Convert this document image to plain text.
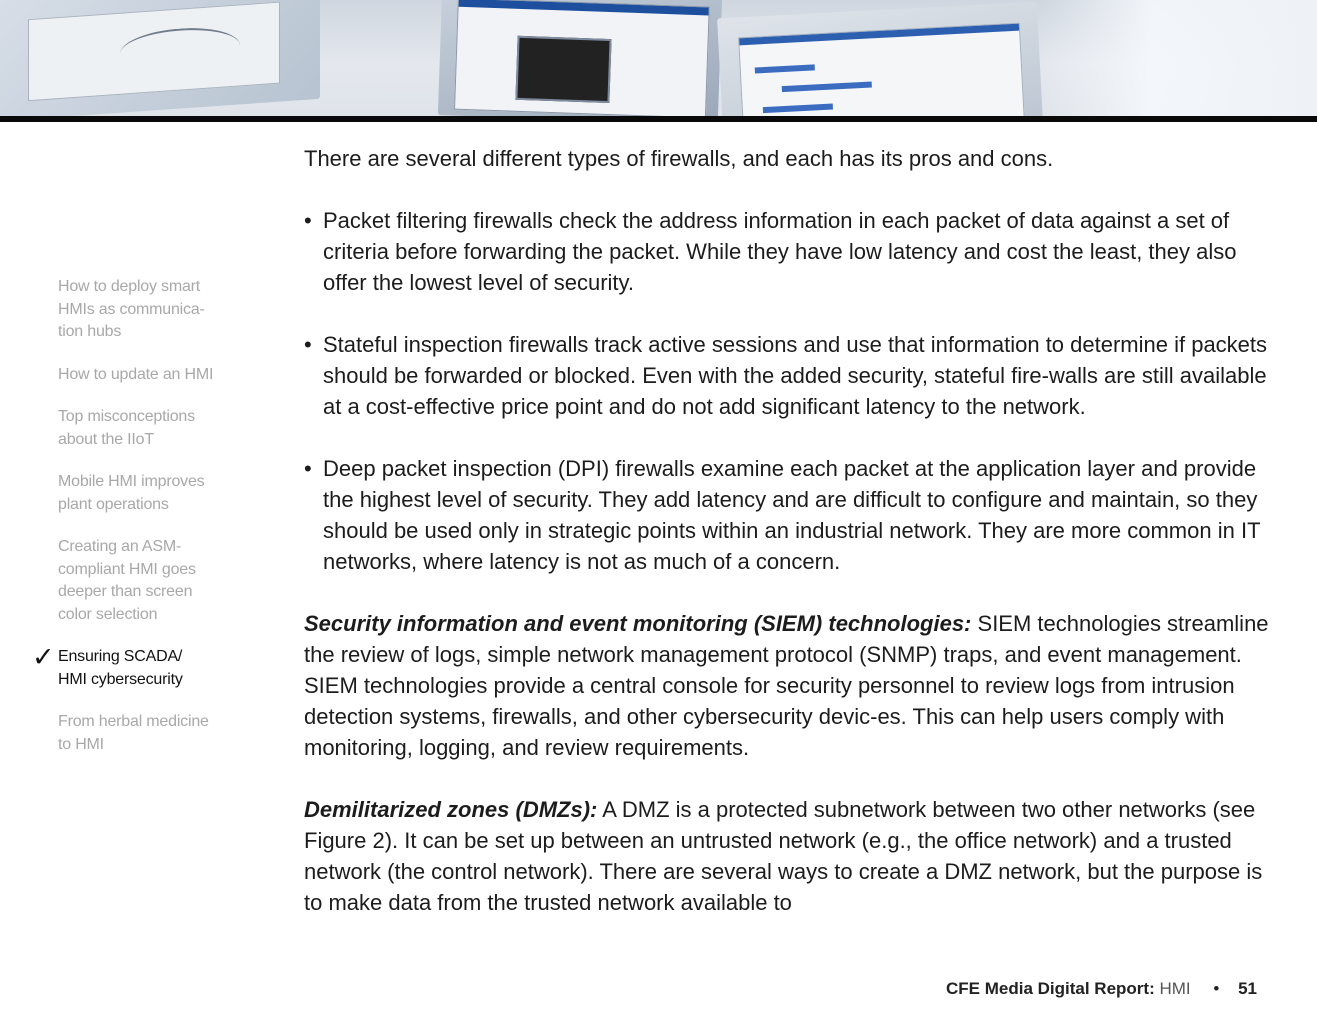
How to deploy smart
HMIs as communica-
tion hubs
How to update an HMI
Top misconceptions
about the IIoT
Mobile HMI improves
plant operations
Creating an ASM-
compliant HMI goes
deeper than screen
color selection
✓ Ensuring SCADA/
HMI cybersecurity
From herbal medicine
to HMI

There are several different types of firewalls, and each has its pros and cons.

• Packet filtering firewalls check the address information in each packet of data against a set of criteria before forwarding the packet. While they have low latency and cost the least, they also offer the lowest level of security.
• Stateful inspection firewalls track active sessions and use that information to determine if packets should be forwarded or blocked. Even with the added security, stateful fire-walls are still available at a cost-effective price point and do not add significant latency to the network.
• Deep packet inspection (DPI) firewalls examine each packet at the application layer and provide the highest level of security. They add latency and are difficult to configure and maintain, so they should be used only in strategic points within an industrial network. They are more common in IT networks, where latency is not as much of a concern.

Security information and event monitoring (SIEM) technologies: SIEM technologies streamline the review of logs, simple network management protocol (SNMP) traps, and event management. SIEM technologies provide a central console for security personnel to review logs from intrusion detection systems, firewalls, and other cybersecurity devic-es. This can help users comply with monitoring, logging, and review requirements.

Demilitarized zones (DMZs): A DMZ is a protected subnetwork between two other networks (see Figure 2). It can be set up between an untrusted network (e.g., the office network) and a trusted network (the control network). There are several ways to create a DMZ network, but the purpose is to make data from the trusted network available to

CFE Media Digital Report: HMI • 51
